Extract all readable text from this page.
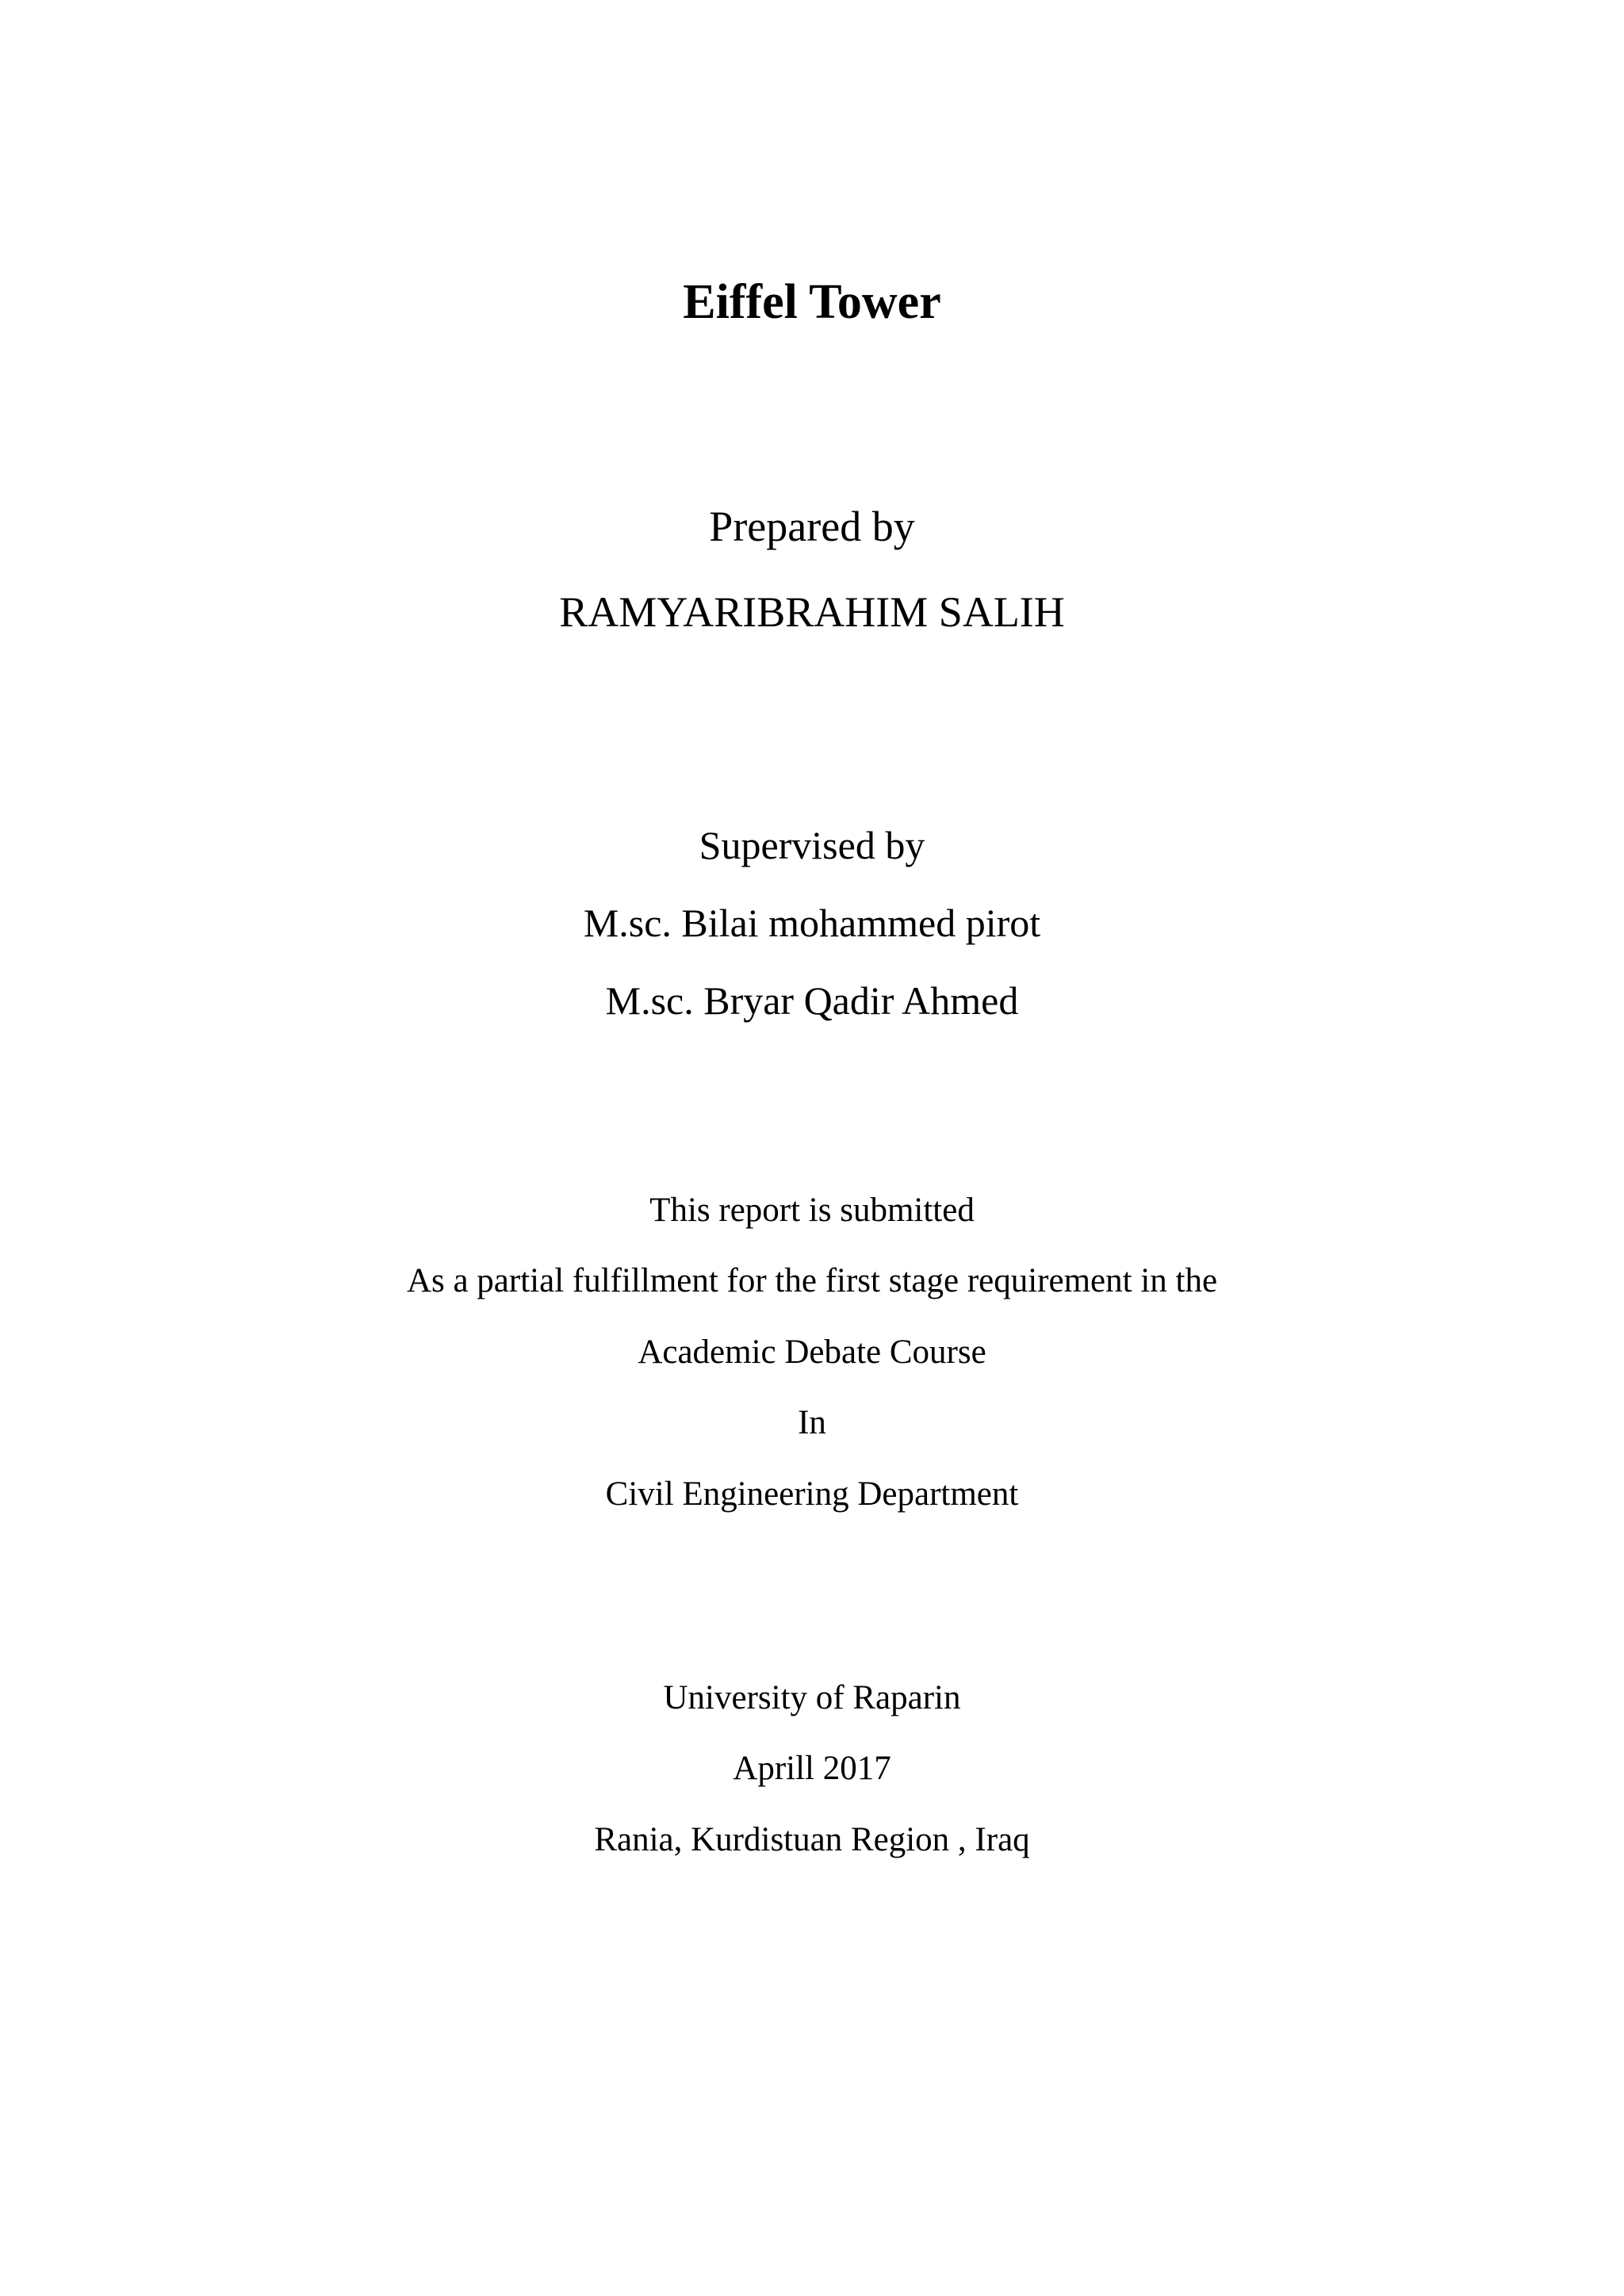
Eiffel Tower
Prepared by
RAMYARIBRAHIM SALIH
Supervised by
M.sc. Bilai mohammed pirot
M.sc. Bryar Qadir Ahmed
This report is submitted
As a partial fulfillment for the first stage requirement in the
Academic Debate Course
In
Civil Engineering Department
University of Raparin
Aprill 2017
Rania, Kurdistuan Region , Iraq
